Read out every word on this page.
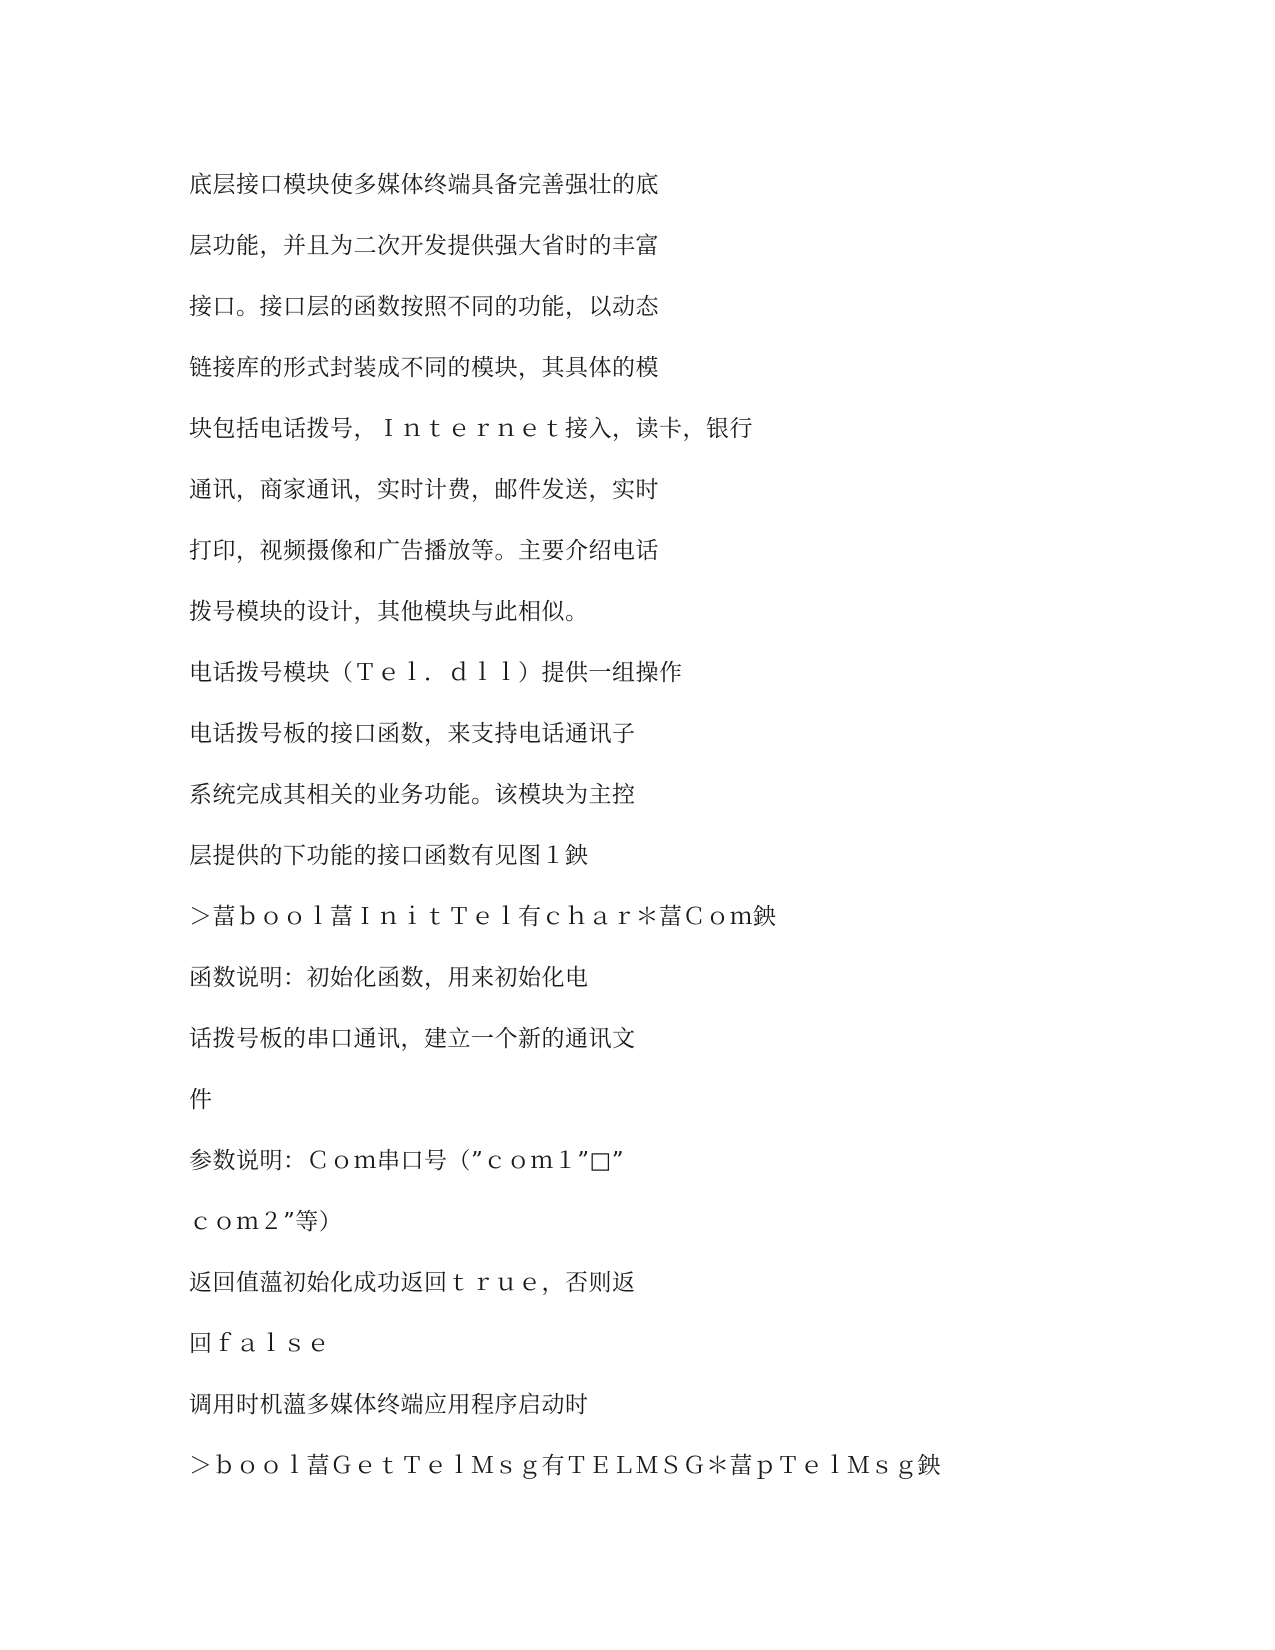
底层接口模块使多媒体终端具备完善强壮的底
层功能，并且为二次开发提供强大省时的丰富
接口。接口层的函数按照不同的功能，以动态
链接库的形式封装成不同的模块，其具体的模
块包括电话拨号，Ｉｎｔｅｒｎｅｔ接入，读卡，银行
通讯，商家通讯，实时计费，邮件发送，实时
打印，视频摄像和广告播放等。主要介绍电话
拨号模块的设计，其他模块与此相似。
电话拨号模块（Ｔｅｌ．ｄｌｌ）提供一组操作
电话拨号板的接口函数，来支持电话通讯子
系统完成其相关的业务功能。该模块为主控
层提供的下功能的接口函数有见图１鉠
＞葍ｂｏｏｌ葍ＩｎｉｔＴｅｌ有ｃｈａｒ＊葍Ｃｏｍ鉠
函数说明：初始化函数，用来初始化电
话拨号板的串口通讯，建立一个新的通讯文
件
参数说明：Ｃｏｍ串口号（”ｃｏｍ１”□”
ｃｏｍ２”等）
返回值薀初始化成功返回ｔｒｕｅ，否则返
回ｆａｌｓｅ
调用时机薀多媒体终端应用程序启动时
＞ｂｏｏｌ葍ＧｅｔＴｅｌＭｓｇ有ＴＥＬＭＳＧ＊葍ｐＴｅｌＭｓｇ鉠
